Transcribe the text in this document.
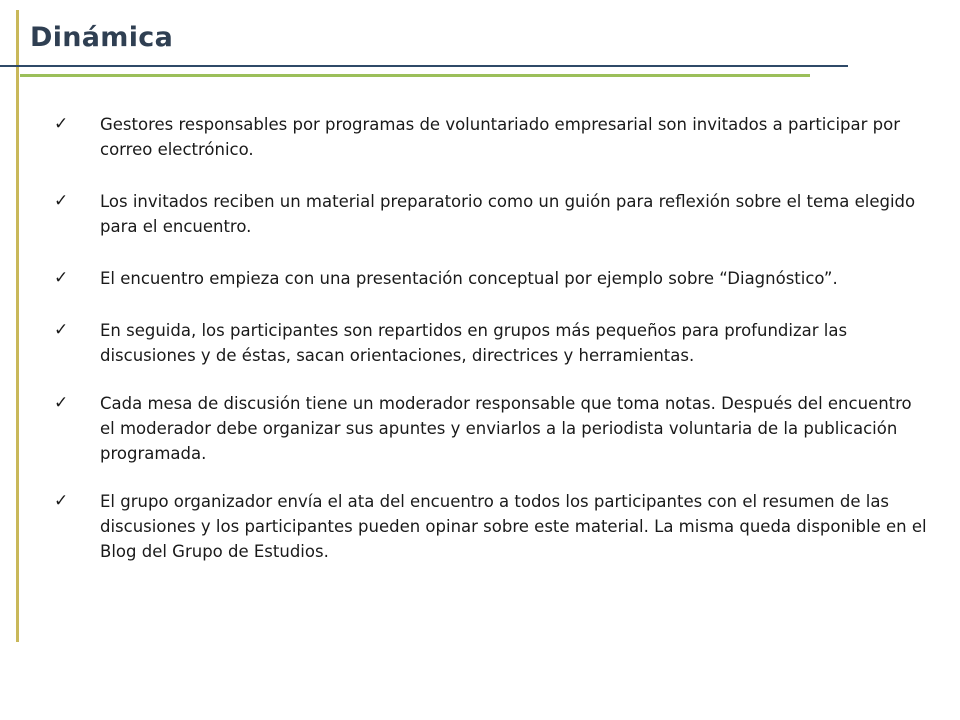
Dinámica
✓	Gestores responsables por programas de voluntariado empresarial son invitados a participar por correo electrónico.
✓	Los invitados reciben un material preparatorio como un guión para reflexión sobre el tema elegido para el encuentro.
✓	El encuentro empieza con una presentación conceptual por ejemplo sobre “Diagnóstico”.
✓	En seguida, los participantes son repartidos en grupos más pequeños para profundizar las discusiones y de éstas, sacan orientaciones, directrices y herramientas.
✓	Cada mesa de discusión tiene un moderador responsable que toma notas. Después del encuentro el moderador debe organizar sus apuntes y enviarlos a la periodista voluntaria de la publicación programada.
✓	El grupo organizador envía el ata del encuentro a todos los participantes con el resumen de las discusiones y los participantes pueden opinar sobre este material. La misma queda disponible en el Blog del Grupo de Estudios.
